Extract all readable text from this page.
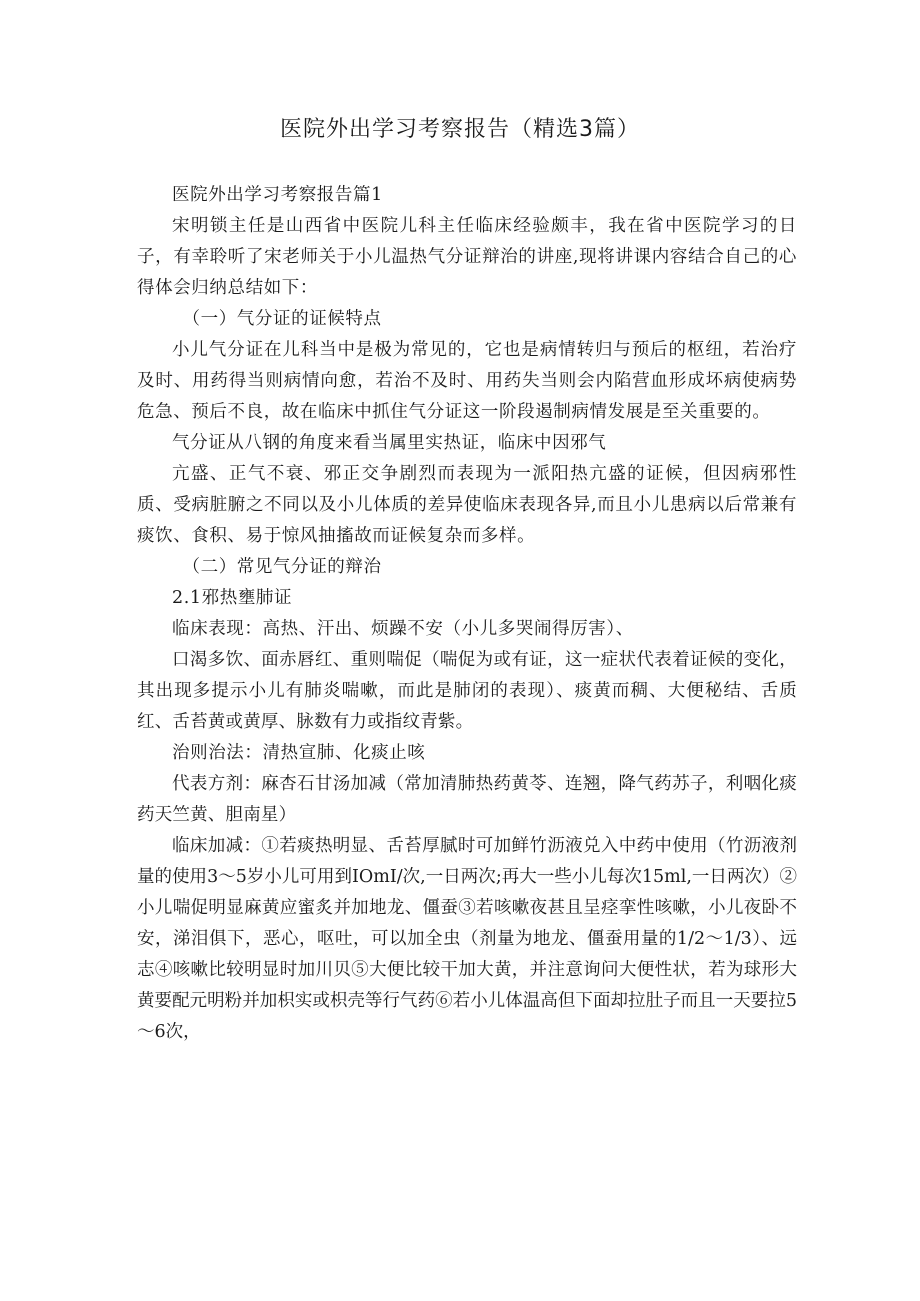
医院外出学习考察报告（精选3篇）

医院外出学习考察报告篇1

宋明锁主任是山西省中医院儿科主任临床经验颇丰，我在省中医院学习的日子，有幸聆听了宋老师关于小儿温热气分证辩治的讲座,现将讲课内容结合自己的心得体会归纳总结如下：

（一）气分证的证候特点

小儿气分证在儿科当中是极为常见的，它也是病情转归与预后的枢纽，若治疗及时、用药得当则病情向愈，若治不及时、用药失当则会内陷营血形成坏病使病势危急、预后不良，故在临床中抓住气分证这一阶段遏制病情发展是至关重要的。

气分证从八钢的角度来看当属里实热证，临床中因邪气

亢盛、正气不衰、邪正交争剧烈而表现为一派阳热亢盛的证候，但因病邪性质、受病脏腑之不同以及小儿体质的差异使临床表现各异,而且小儿患病以后常兼有痰饮、食积、易于惊风抽搐故而证候复杂而多样。

（二）常见气分证的辩治

2.1邪热壅肺证

临床表现：高热、汗出、烦躁不安（小儿多哭闹得厉害）、

口渴多饮、面赤唇红、重则喘促（喘促为或有证，这一症状代表着证候的变化，其出现多提示小儿有肺炎喘嗽，而此是肺闭的表现）、痰黄而稠、大便秘结、舌质红、舌苔黄或黄厚、脉数有力或指纹青紫。

治则治法：清热宣肺、化痰止咳

代表方剂：麻杏石甘汤加减（常加清肺热药黄苓、连翘，降气药苏子，利咽化痰药天竺黄、胆南星）

临床加减：①若痰热明显、舌苔厚腻时可加鲜竹沥液兑入中药中使用（竹沥液剂量的使用3～5岁小儿可用到IOmI/次,一日两次;再大一些小儿每次15ml,一日两次）②小儿喘促明显麻黄应蜜炙并加地龙、僵蚕③若咳嗽夜甚且呈痉挛性咳嗽，小儿夜卧不安，涕泪俱下，恶心，呕吐，可以加全虫（剂量为地龙、僵蚕用量的1/2～1/3）、远志④咳嗽比较明显时加川贝⑤大便比较干加大黄，并注意询问大便性状，若为球形大黄要配元明粉并加枳实或枳壳等行气药⑥若小儿体温高但下面却拉肚子而且一天要拉5～6次，
